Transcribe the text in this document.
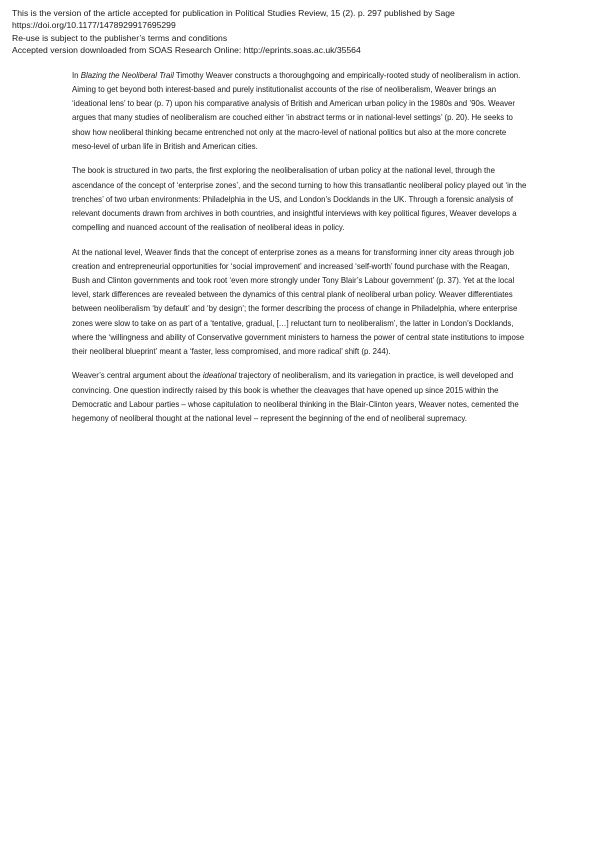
This is the version of the article accepted for publication in Political Studies Review, 15 (2). p. 297 published by Sage
https://doi.org/10.1177/1478929917695299
Re-use is subject to the publisher’s terms and conditions
Accepted version downloaded from SOAS Research Online: http://eprints.soas.ac.uk/35564

In Blazing the Neoliberal Trail Timothy Weaver constructs a thoroughgoing and empirically-rooted study of neoliberalism in action. Aiming to get beyond both interest-based and purely institutionalist accounts of the rise of neoliberalism, Weaver brings an ‘ideational lens’ to bear (p. 7) upon his comparative analysis of British and American urban policy in the 1980s and ’90s. Weaver argues that many studies of neoliberalism are couched either ‘in abstract terms or in national-level settings’ (p. 20). He seeks to show how neoliberal thinking became entrenched not only at the macro-level of national politics but also at the more concrete meso-level of urban life in British and American cities.

The book is structured in two parts, the first exploring the neoliberalisation of urban policy at the national level, through the ascendance of the concept of ‘enterprise zones’, and the second turning to how this transatlantic neoliberal policy played out ‘in the trenches’ of two urban environments: Philadelphia in the US, and London’s Docklands in the UK. Through a forensic analysis of relevant documents drawn from archives in both countries, and insightful interviews with key political figures, Weaver develops a compelling and nuanced account of the realisation of neoliberal ideas in policy.

At the national level, Weaver finds that the concept of enterprise zones as a means for transforming inner city areas through job creation and entrepreneurial opportunities for ‘social improvement’ and increased ‘self-worth’ found purchase with the Reagan, Bush and Clinton governments and took root ‘even more strongly under Tony Blair’s Labour government’ (p. 37). Yet at the local level, stark differences are revealed between the dynamics of this central plank of neoliberal urban policy. Weaver differentiates between neoliberalism ‘by default’ and ‘by design’; the former describing the process of change in Philadelphia, where enterprise zones were slow to take on as part of a ‘tentative, gradual, […] reluctant turn to neoliberalism’, the latter in London’s Docklands, where the ‘willingness and ability of Conservative government ministers to harness the power of central state institutions to impose their neoliberal blueprint’ meant a ‘faster, less compromised, and more radical’ shift (p. 244).

Weaver’s central argument about the ideational trajectory of neoliberalism, and its variegation in practice, is well developed and convincing. One question indirectly raised by this book is whether the cleavages that have opened up since 2015 within the Democratic and Labour parties – whose capitulation to neoliberal thinking in the Blair-Clinton years, Weaver notes, cemented the hegemony of neoliberal thought at the national level – represent the beginning of the end of neoliberal supremacy.
